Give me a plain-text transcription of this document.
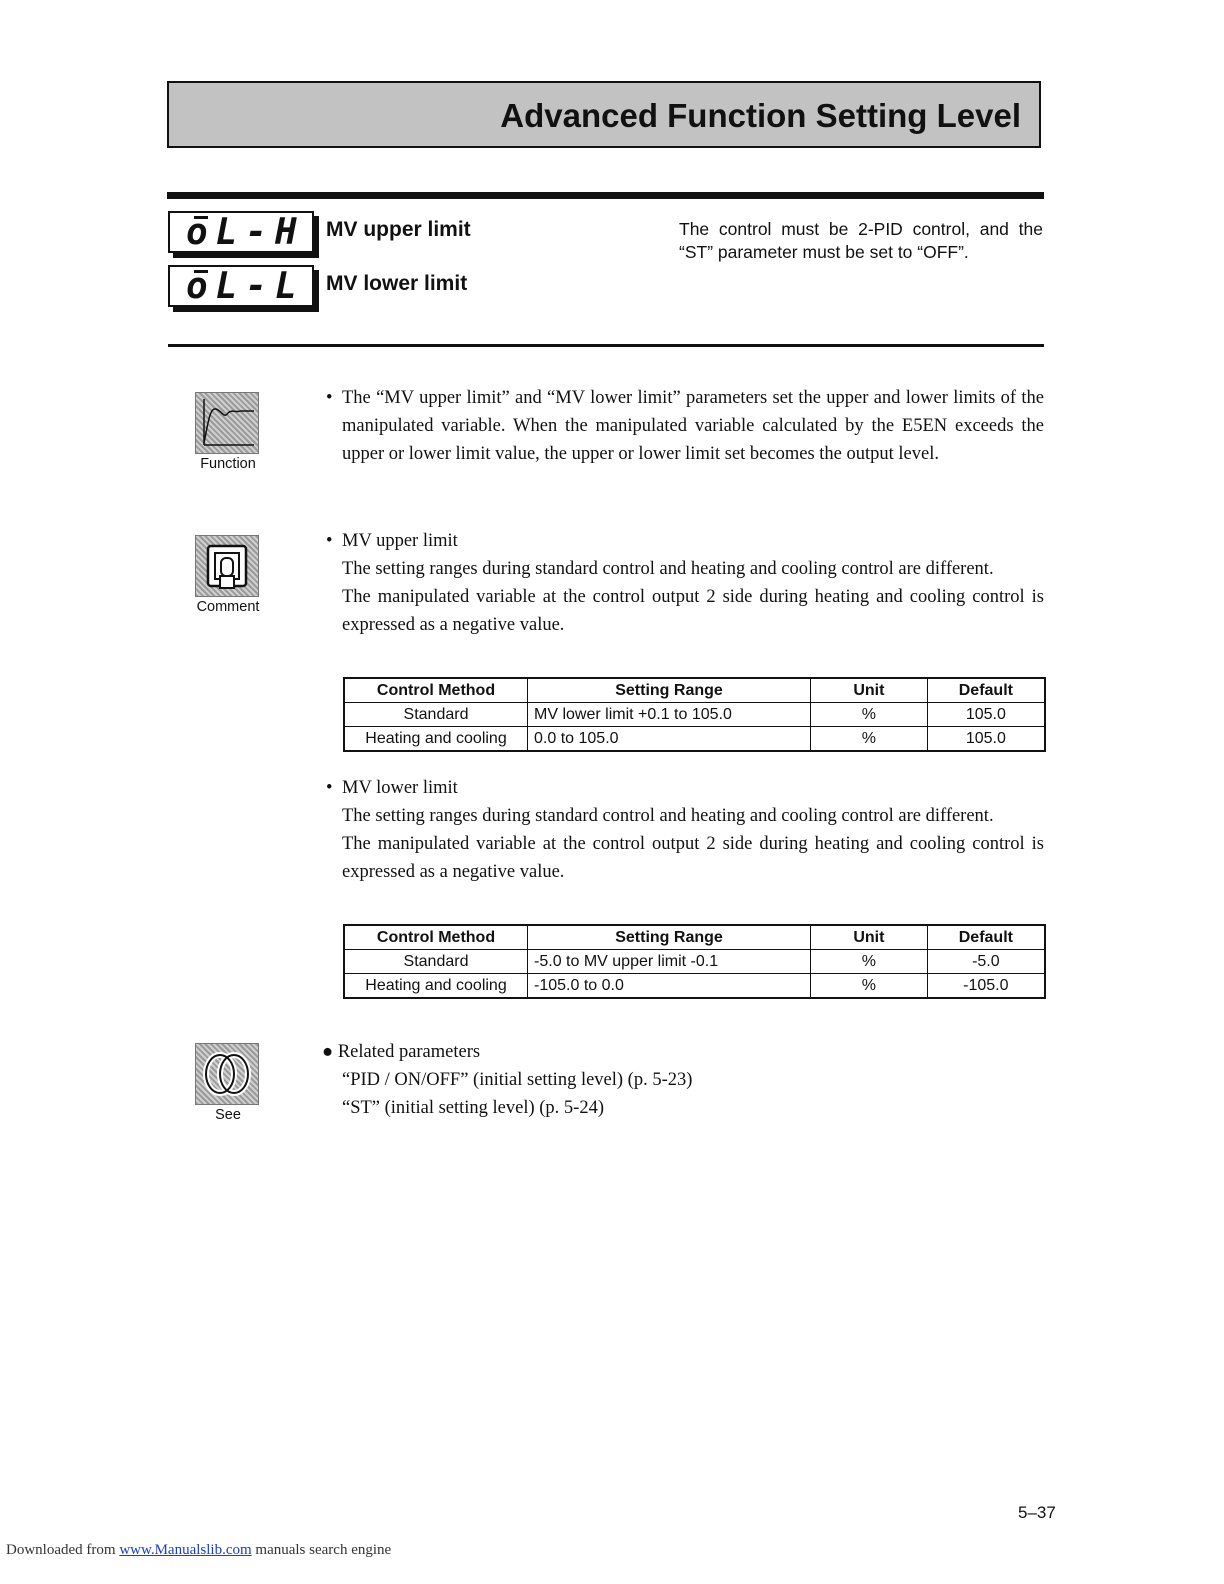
Advanced Function Setting Level
oL-H MV upper limit
oL-L MV lower limit
The control must be 2-PID control, and the “ST” parameter must be set to “OFF”.
Function
• The “MV upper limit” and “MV lower limit” parameters set the upper and lower limits of the manipulated variable. When the manipulated variable calculated by the E5EN exceeds the upper or lower limit value, the upper or lower limit set becomes the output level.
Comment
• MV upper limit
The setting ranges during standard control and heating and cooling control are different.
The manipulated variable at the control output 2 side during heating and cooling control is expressed as a negative value.
Control Method	Setting Range	Unit	Default
Standard	MV lower limit +0.1 to 105.0	%	105.0
Heating and cooling	0.0 to 105.0	%	105.0
• MV lower limit
The setting ranges during standard control and heating and cooling control are different.
The manipulated variable at the control output 2 side during heating and cooling control is expressed as a negative value.
Control Method	Setting Range	Unit	Default
Standard	-5.0 to MV upper limit -0.1	%	-5.0
Heating and cooling	-105.0 to 0.0	%	-105.0
See
● Related parameters
“PID / ON/OFF” (initial setting level) (p. 5-23)
“ST” (initial setting level) (p. 5-24)
5–37
Downloaded from www.Manualslib.com manuals search engine
